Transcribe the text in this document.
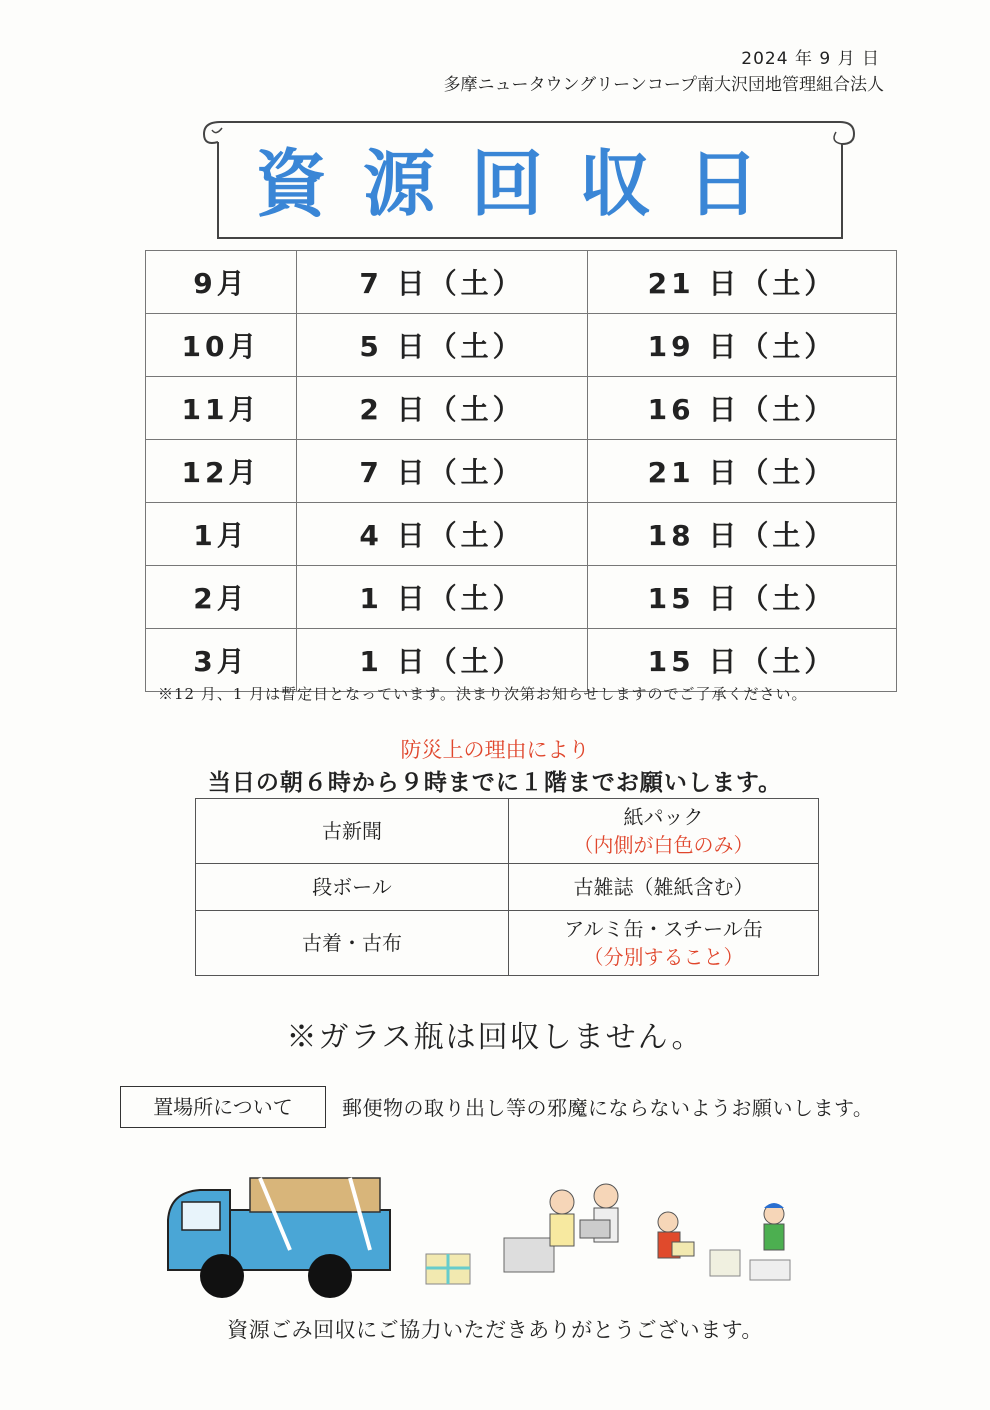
2024 年 9 月 日
多摩ニュータウングリーンコープ南大沢団地管理組合法人
資源回収日
9月	7 日（土）	21 日（土）
10月	5 日（土）	19 日（土）
11月	2 日（土）	16 日（土）
12月	7 日（土）	21 日（土）
1月	4 日（土）	18 日（土）
2月	1 日（土）	15 日（土）
3月	1 日（土）	15 日（土）
※12 月、1 月は暫定日となっています。決まり次第お知らせしますのでご了承ください。
防災上の理由により
当日の朝６時から９時までに１階までお願いします。
古新聞	紙パック
（内側が白色のみ）

段ボール	古雑誌（雑紙含む）

古着・古布	アルミ缶・スチール缶
（分別すること）
※ガラス瓶は回収しません。
置場所について	郵便物の取り出し等の邪魔にならないようお願いします。
資源ごみ回収にご協力いただきありがとうございます。
